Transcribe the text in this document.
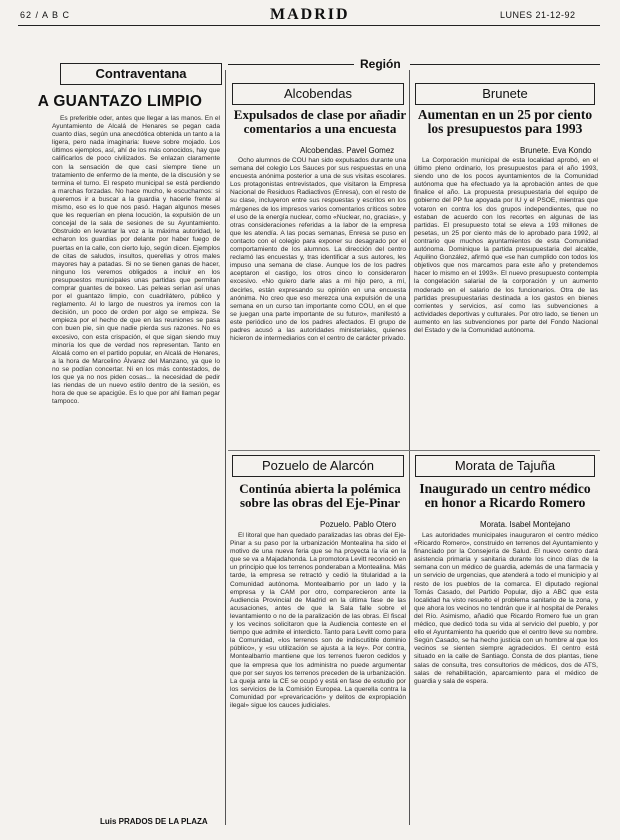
62 / A B C	MADRID	LUNES 21-12-92
Región
Contraventana
A GUANTAZO LIMPIO

Es preferible oder, antes que llegar a las manos. En el Ayuntamiento de Alcalá de Henares se pegan cada cuanto días, según una anecdótica obtenida un tanto a la ligera, pero nada imaginaria: llueve sobre mojado. Los últimos ejemplos, así, ahí de los más conocidos, hay que calificarlos de poco civilizados. Se enlazan claramente con la sensación de que casi siempre tiene un tratamiento de enfermo de la mente, de la discusión y se termina el turno. El respeto municipal se está perdiendo a marchas forzadas. No hace mucho, le escuchamos: si queremos ir a buscar a la guardia y hacerle frente al mismo, eso es lo que nos pasó. Hagan algunos meses que les requerían en plena locución, la expulsión de un concejal de la sala de sesiones de su Ayuntamiento. Obstruido en levantar la voz a la máxima autoridad, le echaron los guardias por delante por haber fuego de puertas en la calle, con cierto lujo, según dicen. Ejemplos de citas de saludos, insultos, querellas y otros males mayores hay a patadas. Si no se tienen ganas de hacer, ninguno los veremos obligados a incluir en los presupuestos municipales unas partidas que permitan comprar guantes de boxeo. Las peleas serían así unas por el guantazo limpio, con cuadrilátero, público y reglamento. Al lo largo de nuestros ya iremos con la decisión, un poco de orden por algo se empieza. Se empieza por el hecho de que en las reuniones se pasa con buen pie, sin que nadie pierda sus razones. No es excesivo, con esta crispación, el que sigan siendo muy minoría los que de verdad nos representan. Tanto en Alcalá como en el partido popular, en Alcalá de Henares, a la hora de Marcelino Álvarez del Manzano, ya que lo no se podían concertar. Ni en los más contestados, de los que ya no nos piden cosas... la necesidad de pedir las riendas de un nuevo estilo dentro de la sesión, es hora de que se apacigüe. Es lo que por ahí llaman pegar tampoco.

Luis PRADOS DE LA PLAZA
Alcobendas
Expulsados de clase por añadir comentarios a una encuesta
Alcobendas. Pavel Gomez

Ocho alumnos de COU han sido expulsados durante una semana del colegio Los Sauces por sus respuestas en una encuesta anónima posterior a una de sus visitas escolares. Los protagonistas entrevistados, que visitaron la Empresa Nacional de Residuos Radiactivos (Enresa), con el resto de su clase, incluyeron entre sus respuestas y escritos en los márgenes de los impresos varios comentarios críticos sobre el uso de la energía nuclear, como «Nuclear, no, gracias», y otras consideraciones referidas a la labor de la empresa que les atendía. A las pocas semanas, Enresa se puso en contacto con el colegio para exponer su desagrado por el comportamiento de los alumnos. La dirección del centro reclamó las encuestas y, tras identificar a sus autores, les impuso una semana de clase. Aunque los de los padres aceptaron el castigo, los otros cinco lo consideraron excesivo. «No quiero darle alas a mi hijo pero, a mí, decirles, están expresando su opinión en una encuesta anónima. No creo que eso merezca una expulsión de una semana en un curso tan importante como COU, en el que se juegan una parte importante de su futuro», manifestó a este periódico uno de los padres afectados. El grupo de padres acusó a las autoridades ministeriales, quienes hicieron de intermediarios con el centro de carácter privado.

Brunete
Aumentan en un 25 por ciento los presupuestos para 1993
Brunete. Eva Kondo

La Corporación municipal de esta localidad aprobó, en el último pleno ordinario, los presupuestos para el año 1993, siendo uno de los pocos ayuntamientos de la Comunidad autónoma que ha efectuado ya la aprobación antes de que finalice el año. La propuesta presupuestaria del equipo de gobierno del PP fue apoyada por IU y el PSOE, mientras que votaron en contra los dos grupos independientes, que no estaban de acuerdo con los recortes en algunas de las partidas. El presupuesto total se eleva a 193 millones de pesetas, un 25 por ciento más de lo aprobado para 1992, al contrario que muchos ayuntamientos de esta Comunidad autónoma. Dominique la partida presupuestaria del alcalde, Aquilino González, afirmó que «se han cumplido con todos los objetivos que nos marcamos para este año y pretendemos hacer lo mismo en el 1993». El nuevo presupuesto contempla la congelación salarial de la corporación y un aumento moderado en el salario de los funcionarios. Otra de las partidas presupuestarias destinada a los gastos en bienes corrientes y servicios, así como las subvenciones a actividades deportivas y culturales. Por otro lado, se tienen un aumento en las subvenciones por parte del Fondo Nacional del Estado y de la Comunidad autónoma.

Pozuelo de Alarcón
Continúa abierta la polémica sobre las obras del Eje-Pinar
Pozuelo. Pablo Otero

El litoral que han quedado paralizadas las obras del Eje-Pinar a su paso por la urbanización Montealina ha sido el motivo de una nueva feria que se ha proyecta la vía en la que se va a Majadahonda. La promotora Levitt reconoció en un principio que los terrenos ponderaban a Montealina. Más tarde, la empresa se retractó y cedió la titularidad a la Comunidad autónoma. Montealbarrio por un lado y la empresa y la CAM por otro, comparecieron ante la Audiencia Provincial de Madrid en la última fase de las acusaciones, antes de que la Sala falle sobre el levantamiento o no de la paralización de las obras. El fiscal y los vecinos solicitaron que la Audiencia conteste en el tiempo que admite el interdicto. Tanto para Levitt como para la Comunidad, «los terrenos son de indiscutible dominio público», y «su utilización se ajusta a la ley». Por contra, Montealbarrio mantiene que los terrenos fueron cedidos y que la empresa que los administra no puede argumentar que por ser suyos los terrenos preceden de la urbanización. La queja ante la CE se ocupó y está en fase de estudio por los servicios de la Comisión Europea. La querella contra la Comunidad por «prevaricación» y delitos de expropiación ilegal» sigue los cauces judiciales.

Morata de Tajuña
Inaugurado un centro médico en honor a Ricardo Romero
Morata. Isabel Montejano

Las autoridades municipales inauguraron el centro médico «Ricardo Romero», construido en terrenos del Ayuntamiento y financiado por la Consejería de Salud. El nuevo centro dará asistencia primaria y sanitaria durante los cinco días de la semana con un médico de guardia, además de una farmacia y un servicio de urgencias, que atenderá a todo el municipio y al resto de los pueblos de la comarca. El diputado regional Tomás Casado, del Partido Popular, dijo a ABC que esta localidad ha visto resuelto el problema sanitario de la zona, y que ahora los vecinos no tendrán que ir al hospital de Perales del Río. Asimismo, añadió que Ricardo Romero fue un gran médico, que dedicó toda su vida al servicio del pueblo, y por ello el Ayuntamiento ha querido que el centro lleve su nombre. Según Casado, se ha hecho justicia con un hombre al que los vecinos se sienten siempre agradecidos. El centro está situado en la calle de Santiago. Consta de dos plantas, tiene salas de consulta, tres consultorios de médicos, dos de ATS, salas de rehabilitación, aparcamiento para el médico de guardia y sala de espera.
